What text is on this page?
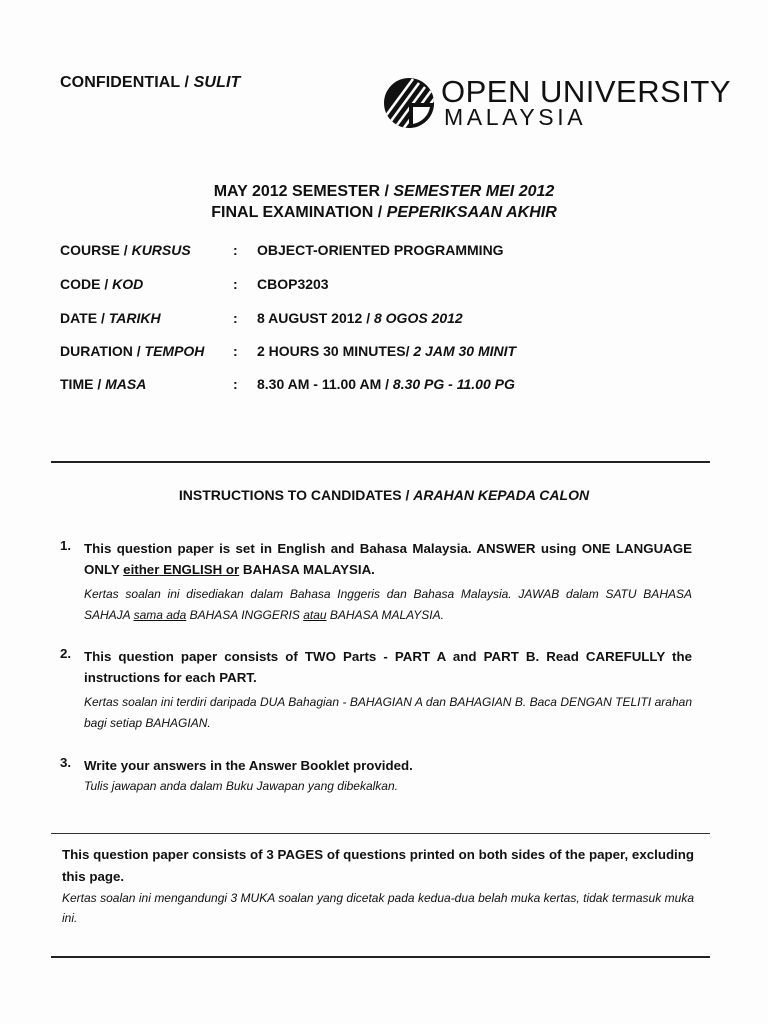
CONFIDENTIAL / SULIT	OPEN UNIVERSITY
MALAYSIA
MAY 2012 SEMESTER / SEMESTER MEI 2012
FINAL EXAMINATION / PEPERIKSAAN AKHIR
COURSE / KURSUS	: OBJECT-ORIENTED PROGRAMMING
CODE / KOD	: CBOP3203
DATE / TARIKH	: 8 AUGUST 2012 / 8 OGOS 2012
DURATION / TEMPOH : 2 HOURS 30 MINUTES/ 2 JAM 30 MINIT
TIME / MASA	: 8.30 AM - 11.00 AM / 8.30 PG - 11.00 PG
INSTRUCTIONS TO CANDIDATES / ARAHAN KEPADA CALON
1. This question paper is set in English and Bahasa Malaysia. ANSWER using ONE LANGUAGE ONLY either ENGLISH or BAHASA MALAYSIA.
Kertas soalan ini disediakan dalam Bahasa Inggeris dan Bahasa Malaysia. JAWAB dalam SATU BAHASA SAHAJA sama ada BAHASA INGGERIS atau BAHASA MALAYSIA.
2. This question paper consists of TWO Parts - PART A and PART B. Read CAREFULLY the instructions for each PART.
Kertas soalan ini terdiri daripada DUA Bahagian - BAHAGIAN A dan BAHAGIAN B. Baca DENGAN TELITI arahan bagi setiap BAHAGIAN.
3. Write your answers in the Answer Booklet provided.
Tulis jawapan anda dalam Buku Jawapan yang dibekalkan.
This question paper consists of 3 PAGES of questions printed on both sides of the paper, excluding this page.
Kertas soalan ini mengandungi 3 MUKA soalan yang dicetak pada kedua-dua belah muka kertas, tidak termasuk muka ini.
